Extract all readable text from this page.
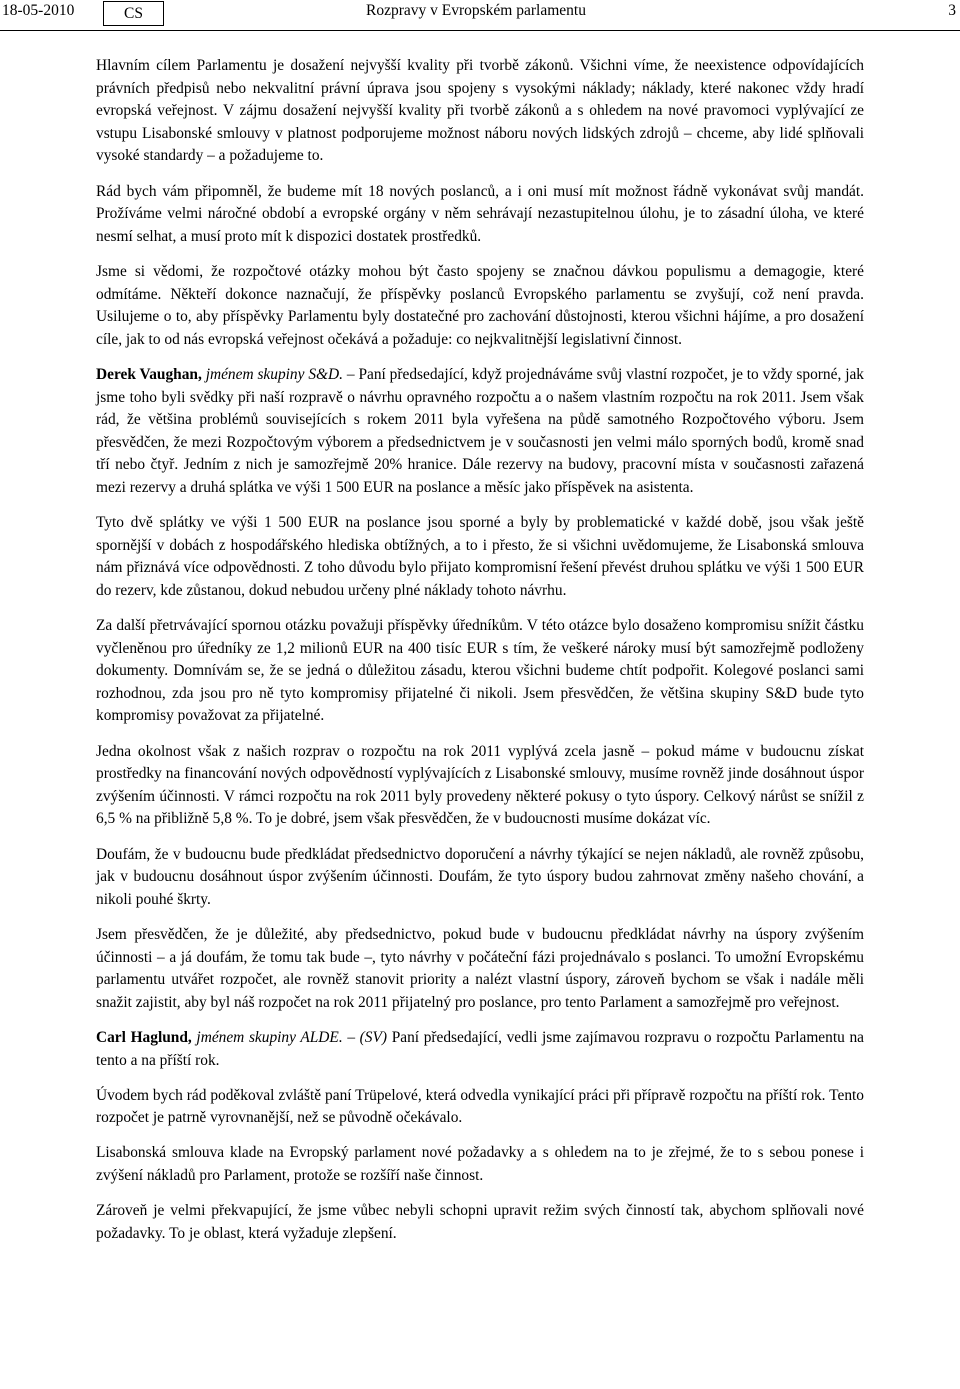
18-05-2010	CS	Rozpravy v Evropském parlamentu	3

Hlavním cílem Parlamentu je dosažení nejvyšší kvality při tvorbě zákonů. Všichni víme, že neexistence odpovídajících právních předpisů nebo nekvalitní právní úprava jsou spojeny s vysokými náklady; náklady, které nakonec vždy hradí evropská veřejnost. V zájmu dosažení nejvyšší kvality při tvorbě zákonů a s ohledem na nové pravomoci vyplývající ze vstupu Lisabonské smlouvy v platnost podporujeme možnost náboru nových lidských zdrojů – chceme, aby lidé splňovali vysoké standardy – a požadujeme to.

Rád bych vám připomněl, že budeme mít 18 nových poslanců, a i oni musí mít možnost řádně vykonávat svůj mandát. Prožíváme velmi náročné období a evropské orgány v něm sehrávají nezastupitelnou úlohu, je to zásadní úloha, ve které nesmí selhat, a musí proto mít k dispozici dostatek prostředků.

Jsme si vědomi, že rozpočtové otázky mohou být často spojeny se značnou dávkou populismu a demagogie, které odmítáme. Někteří dokonce naznačují, že příspěvky poslanců Evropského parlamentu se zvyšují, což není pravda. Usilujeme o to, aby příspěvky Parlamentu byly dostatečné pro zachování důstojnosti, kterou všichni hájíme, a pro dosažení cíle, jak to od nás evropská veřejnost očekává a požaduje: co nejkvalitnější legislativní činnost.

Derek Vaughan, jménem skupiny S&D. – Paní předsedající, když projednáváme svůj vlastní rozpočet, je to vždy sporné, jak jsme toho byli svědky při naší rozpravě o návrhu opravného rozpočtu a o našem vlastním rozpočtu na rok 2011. Jsem však rád, že většina problémů souvisejících s rokem 2011 byla vyřešena na půdě samotného Rozpočtového výboru. Jsem přesvědčen, že mezi Rozpočtovým výborem a předsednictvem je v současnosti jen velmi málo sporných bodů, kromě snad tří nebo čtyř. Jedním z nich je samozřejmě 20% hranice. Dále rezervy na budovy, pracovní místa v současnosti zařazená mezi rezervy a druhá splátka ve výši 1 500 EUR na poslance a měsíc jako příspěvek na asistenta.

Tyto dvě splátky ve výši 1 500 EUR na poslance jsou sporné a byly by problematické v každé době, jsou však ještě spornější v dobách z hospodářského hlediska obtížných, a to i přesto, že si všichni uvědomujeme, že Lisabonská smlouva nám přiznává více odpovědnosti. Z toho důvodu bylo přijato kompromisní řešení převést druhou splátku ve výši 1 500 EUR do rezerv, kde zůstanou, dokud nebudou určeny plné náklady tohoto návrhu.

Za další přetrvávající spornou otázku považuji příspěvky úředníkům. V této otázce bylo dosaženo kompromisu snížit částku vyčleněnou pro úředníky ze 1,2 milionů EUR na 400 tisíc EUR s tím, že veškeré nároky musí být samozřejmě podloženy dokumenty. Domnívám se, že se jedná o důležitou zásadu, kterou všichni budeme chtít podpořit. Kolegové poslanci sami rozhodnou, zda jsou pro ně tyto kompromisy přijatelné či nikoli. Jsem přesvědčen, že většina skupiny S&D bude tyto kompromisy považovat za přijatelné.

Jedna okolnost však z našich rozprav o rozpočtu na rok 2011 vyplývá zcela jasně – pokud máme v budoucnu získat prostředky na financování nových odpovědností vyplývajících z Lisabonské smlouvy, musíme rovněž jinde dosáhnout úspor zvýšením účinnosti. V rámci rozpočtu na rok 2011 byly provedeny některé pokusy o tyto úspory. Celkový nárůst se snížil z 6,5 % na přibližně 5,8 %. To je dobré, jsem však přesvědčen, že v budoucnosti musíme dokázat víc.

Doufám, že v budoucnu bude předkládat předsednictvo doporučení a návrhy týkající se nejen nákladů, ale rovněž způsobu, jak v budoucnu dosáhnout úspor zvýšením účinnosti. Doufám, že tyto úspory budou zahrnovat změny našeho chování, a nikoli pouhé škrty.

Jsem přesvědčen, že je důležité, aby předsednictvo, pokud bude v budoucnu předkládat návrhy na úspory zvýšením účinnosti – a já doufám, že tomu tak bude –, tyto návrhy v počáteční fázi projednávalo s poslanci. To umožní Evropskému parlamentu utvářet rozpočet, ale rovněž stanovit priority a nalézt vlastní úspory, zároveň bychom se však i nadále měli snažit zajistit, aby byl náš rozpočet na rok 2011 přijatelný pro poslance, pro tento Parlament a samozřejmě pro veřejnost.

Carl Haglund, jménem skupiny ALDE. – (SV) Paní předsedající, vedli jsme zajímavou rozpravu o rozpočtu Parlamentu na tento a na příští rok.

Úvodem bych rád poděkoval zvláště paní Trüpelové, která odvedla vynikající práci při přípravě rozpočtu na příští rok. Tento rozpočet je patrně vyrovnanější, než se původně očekávalo.

Lisabonská smlouva klade na Evropský parlament nové požadavky a s ohledem na to je zřejmé, že to s sebou ponese i zvýšení nákladů pro Parlament, protože se rozšíří naše činnost.

Zároveň je velmi překvapující, že jsme vůbec nebyli schopni upravit režim svých činností tak, abychom splňovali nové požadavky. To je oblast, která vyžaduje zlepšení.
